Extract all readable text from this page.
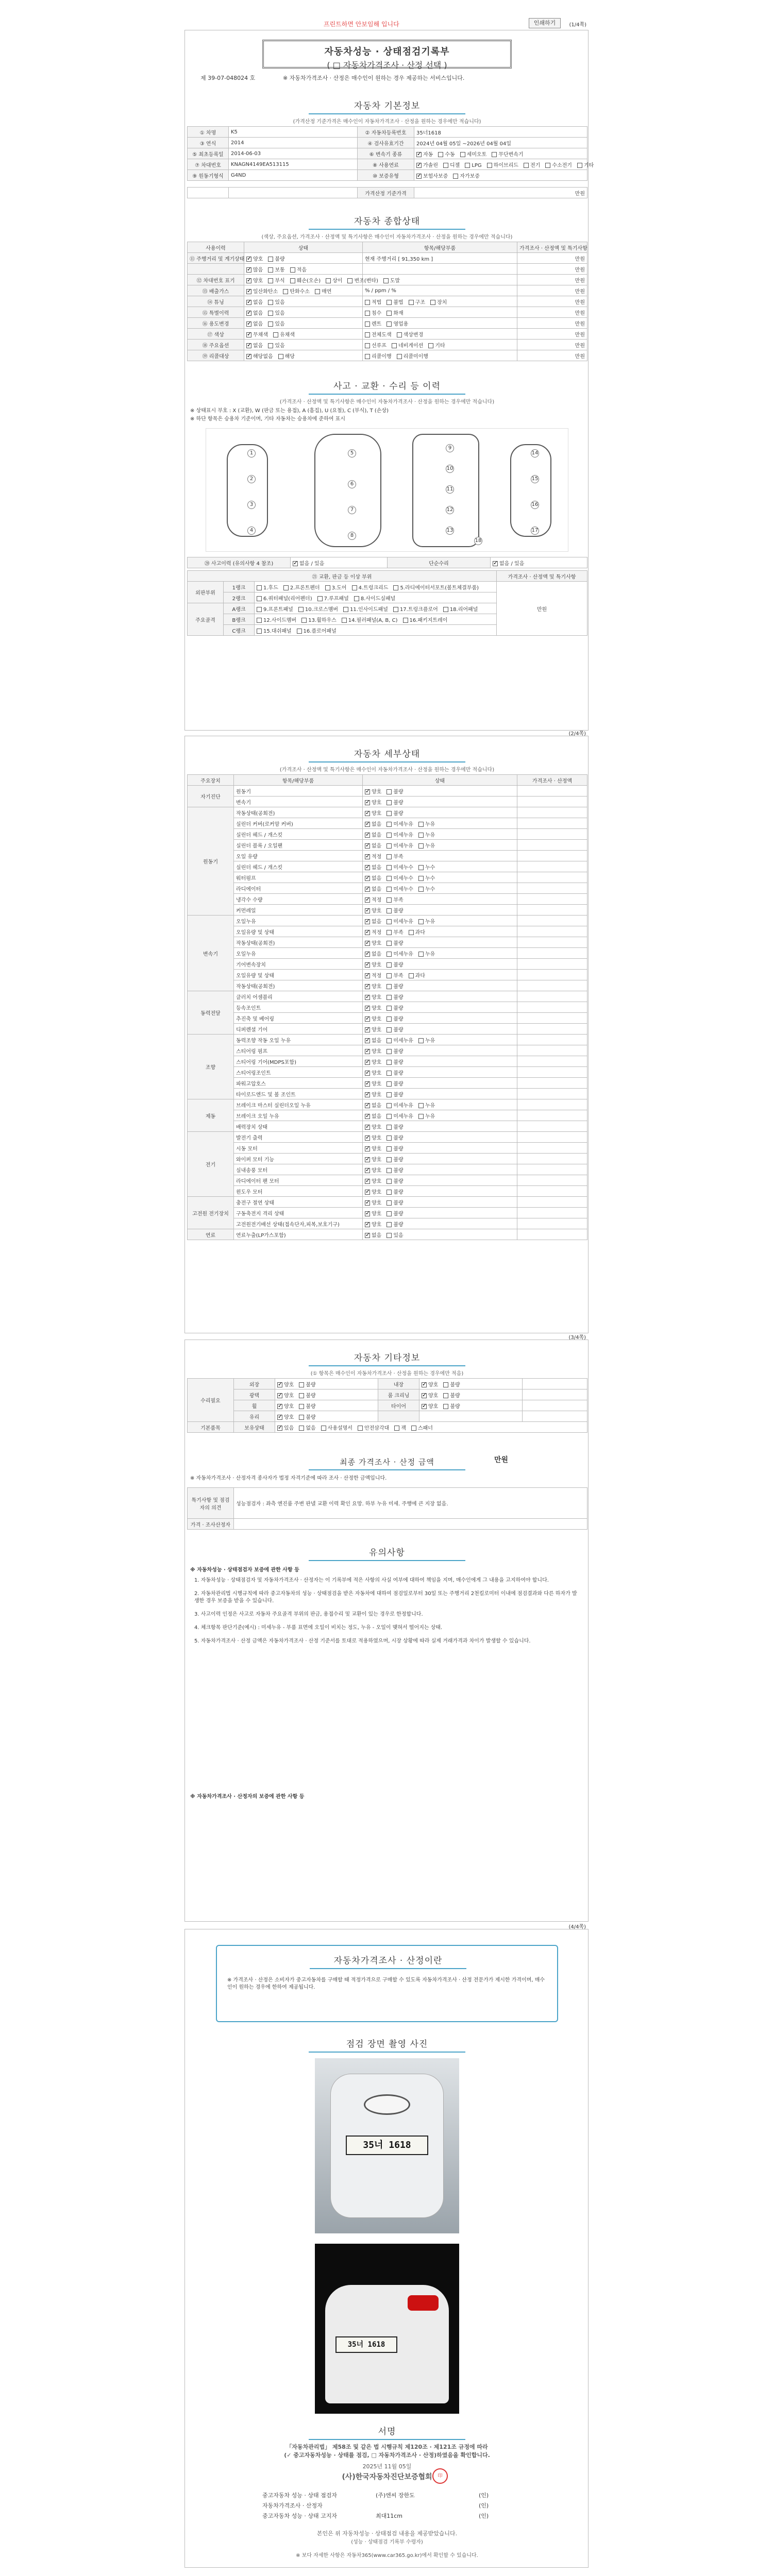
프린트하면 안보임해 입니다	인쇄하기	(1/4쪽)
자동차성능 · 상태점검기록부
( □ 자동차가격조사 · 산정 선택 )
제 39-07-048024 호	※ 자동차가격조사 · 산정은 매수인이 원하는 경우 제공하는 서비스입니다.
자동차 기본정보
(가격산정 기준가격은 매수인이 자동차가격조사 · 산정을 원하는 경우에만 적습니다)
① 차명	K5	② 자동차등록번호	35너1618
③ 연식	2014	④ 검사유효기간	2024년 04월 05일 ~2026년 04월 04일
⑤ 최초등록일	2014-06-03	⑥ 변속기 종류	✓자동 수동 세미오토 무단변속기
⑦ 차대번호	KNAGN4149EA513115	⑧ 사용연료	✓가솔린 디젤 LPG 하이브리드 전기 수소전기 기타
⑨ 원동기형식	G4ND	⑩ 보증유형	✓보험사보증 자가보증
		가격산정 기준가격	만원
자동차 종합상태
(색상, 주요옵션, 가격조사 · 산정액 및 특기사항은 매수인이 자동차가격조사 · 산정을 원하는 경우에만 적습니다)
사용이력	상태	항목/해당부품	가격조사 · 산정액 및 특기사항
⑪ 주행거리 및 계기상태	✓양호 불량	현재 주행거리 [ 91,350 km ]	만원
	✓많음 보통 적음		만원
⑫ 차대번호 표기	✓양호 부식 훼손(오손) 상이 변조(변타) 도말		만원
⑬ 배출가스	✓일산화탄소 탄화수소 매연	% / ppm / %	만원
⑭ 튜닝	✓없음 있음	적법 불법 구조 장치	만원
⑮ 특별이력	✓없음 있음	침수 화재	만원
⑯ 용도변경	✓없음 있음	렌트 영업용	만원
⑰ 색상	✓무채색 유채색	전체도색 색상변경	만원
⑱ 주요옵션	✓없음 있음	선루프 네비게이션 기타	만원
⑲ 리콜대상	✓해당없음 해당	리콜이행 리콜미이행	만원
사고 · 교환 · 수리 등 이력
(가격조사 · 산정액 및 특기사항은 매수인이 자동차가격조사 · 산정을 원하는 경우에만 적습니다)
※ 상태표시 부호 : X (교환), W (판금 또는 용접), A (흠집), U (요철), C (부식), T (손상)
※ 하단 항목은 승용차 기준이며, 기타 자동차는 승용차에 준하여 표시
1
2
3
4
5
6
7
8
9
10
11
12
13
14
15
16
17
18
⑳ 사고이력 (유의사항 4 참조)	✓없음 / 있음	단순수리	✓없음 / 있음
㉑ 교환, 판금 등 이상 부위			가격조사 · 산정액 및 특기사항
외판부위	1랭크	1.후드 2.프론트펜더 3.도어 4.트렁크리드 5.라디에이터서포트(볼트체결부품)	만원
	2랭크	6.쿼터패널(리어펜더) 7.루프패널 8.사이드실패널	
주요골격	A랭크	9.프론트패널 10.크로스멤버 11.인사이드패널 17.트렁크플로어 18.리어패널	
	B랭크	12.사이드멤버 13.휠하우스 14.필러패널(A, B, C) 16.패키지트레이	
	C랭크	15.대쉬패널 16.플로어패널	
(2/4쪽)
자동차 세부상태
(가격조사 · 산정액 및 특기사항은 매수인이 자동차가격조사 · 산정을 원하는 경우에만 적습니다)
주요장치	항목/해당부품	상태	가격조사 · 산정액
자기진단	원동기	✓양호 불량	
	변속기	✓양호 불량	
원동기	작동상태(공회전)	✓양호 불량	
	실린더 커버(로커암 커버)	✓없음 미세누유 누유	
	실린더 헤드 / 개스킷	✓없음 미세누유 누유	
	실린더 블록 / 오일팬	✓없음 미세누유 누유	
	오일 유량	✓적정 부족	
	실린더 헤드 / 개스킷	✓없음 미세누수 누수	
	워터펌프	✓없음 미세누수 누수	
	라디에이터	✓없음 미세누수 누수	
	냉각수 수량	✓적정 부족	
	커먼레일	✓양호 불량	
변속기	오일누유	✓없음 미세누유 누유	
	오일유량 및 상태	✓적정 부족 과다	
	작동상태(공회전)	✓양호 불량	
	오일누유	✓없음 미세누유 누유	
	기어변속장치	✓양호 불량	
	오일유량 및 상태	✓적정 부족 과다	
	작동상태(공회전)	✓양호 불량	
동력전달	클러치 어셈블리	✓양호 불량	
	등속조인트	✓양호 불량	
	추진축 및 베어링	✓양호 불량	
	디퍼렌셜 기어	✓양호 불량	
조향	동력조향 작동 오일 누유	✓없음 미세누유 누유	
	스티어링 펌프	✓양호 불량	
	스티어링 기어(MDPS포함)	✓양호 불량	
	스티어링조인트	✓양호 불량	
	파워고압호스	✓양호 불량	
	타이로드엔드 및 볼 조인트	✓양호 불량	
제동	브레이크 마스터 실린더오일 누유	✓없음 미세누유 누유	
	브레이크 오일 누유	✓없음 미세누유 누유	
	배력장치 상태	✓양호 불량	
전기	발전기 출력	✓양호 불량	
	시동 모터	✓양호 불량	
	와이퍼 모터 기능	✓양호 불량	
	실내송풍 모터	✓양호 불량	
	라디에이터 팬 모터	✓양호 불량	
	윈도우 모터	✓양호 불량	
고전원 전기장치	충전구 절연 상태	✓양호 불량	
	구동축전지 격리 상태	✓양호 불량	
	고전원전기배선 상태(접속단자,피복,보호기구)	✓양호 불량	
연료	연료누출(LP가스포함)	✓없음 있음	
(3/4쪽)
자동차 기타정보
(① 항목은 매수인이 자동차가격조사 · 산정을 원하는 경우에만 적음)
수리필요	외장	✓양호 불량	내장	✓양호 불량	
	광택	✓양호 불량	룸 크리닝	✓양호 불량	
	휠	✓양호 불량	타이어	✓양호 불량	
	유리	✓양호 불량			
기본품목	보유상태	✓있음 없음 사용설명서 안전삼각대 잭 스패너
최종 가격조사 · 산정 금액	만원
※ 자동차가격조사 · 산정자격 종사자가 법정 자격기준에 따라 조사 · 산정한 금액입니다.
특기사항 및 점검자의 의견	성능점검자 : 좌측 엔진룸 주변 판넬 교환 이력 확인 요망. 하부 누유 미세. 주행에 큰 지장 없음.
가격 · 조사산정자	
유의사항
※ 자동차성능 · 상태점검자 보증에 관한 사항 등
1. 자동차성능 · 상태점검자 및 자동차가격조사 · 산정자는 이 기록부에 적은 사항의 사실 여부에 대하여 책임을 지며, 매수인에게 그 내용을 고지하여야 합니다.
2. 자동차관리법 시행규칙에 따라 중고자동차의 성능 · 상태점검을 받은 자동차에 대하여 점검일로부터 30일 또는 주행거리 2천킬로미터 이내에 점검결과와 다른 하자가 발생한 경우 보증을 받을 수 있습니다.
3. 사고이력 인정은 사고로 자동차 주요골격 부위의 판금, 용접수리 및 교환이 있는 경우로 한정합니다.
4. 체크항목 판단기준(예시) : 미세누유 - 부품 표면에 오일이 비치는 정도, 누유 - 오일이 맺혀서 떨어지는 상태.
5. 자동차가격조사 · 산정 금액은 자동차가격조사 · 산정 기준서를 토대로 적용하였으며, 시장 상황에 따라 실제 거래가격과 차이가 발생할 수 있습니다.
※ 자동차가격조사 · 산정자의 보증에 관한 사항 등
(4/4쪽)
자동차가격조사 · 산정이란
※ 가격조사 · 산정은 소비자가 중고자동차를 구매할 때 적정가격으로 구매할 수 있도록 자동차가격조사 · 산정 전문가가 제시한 가격이며, 매수인이 원하는 경우에 한하여 제공됩니다.
점검 장면 촬영 사진
35너 1618
35너 1618
서명
「자동차관리법」 제58조 및 같은 법 시행규칙 제120조 · 제121조 규정에 따라
(✓ 중고자동차성능 · 상태를 점검, □ 자동차가격조사 · 산정)하였음을 확인합니다.
2025년 11월 05일
(사)한국자동차진단보증협회	印
중고자동차 성능 · 상태 점검자	(주)엔씨 장한도	(인)
자동차가격조사 · 산정자	(인)
중고자동차 성능 · 상태 고지자	최대11cm	(인)
본인은 위 자동차성능 · 상태점검 내용을 제공받았습니다.
(성능 · 상태점검 기록부 수령자)
※ 보다 자세한 사항은 자동차365(www.car365.go.kr)에서 확인할 수 있습니다.
